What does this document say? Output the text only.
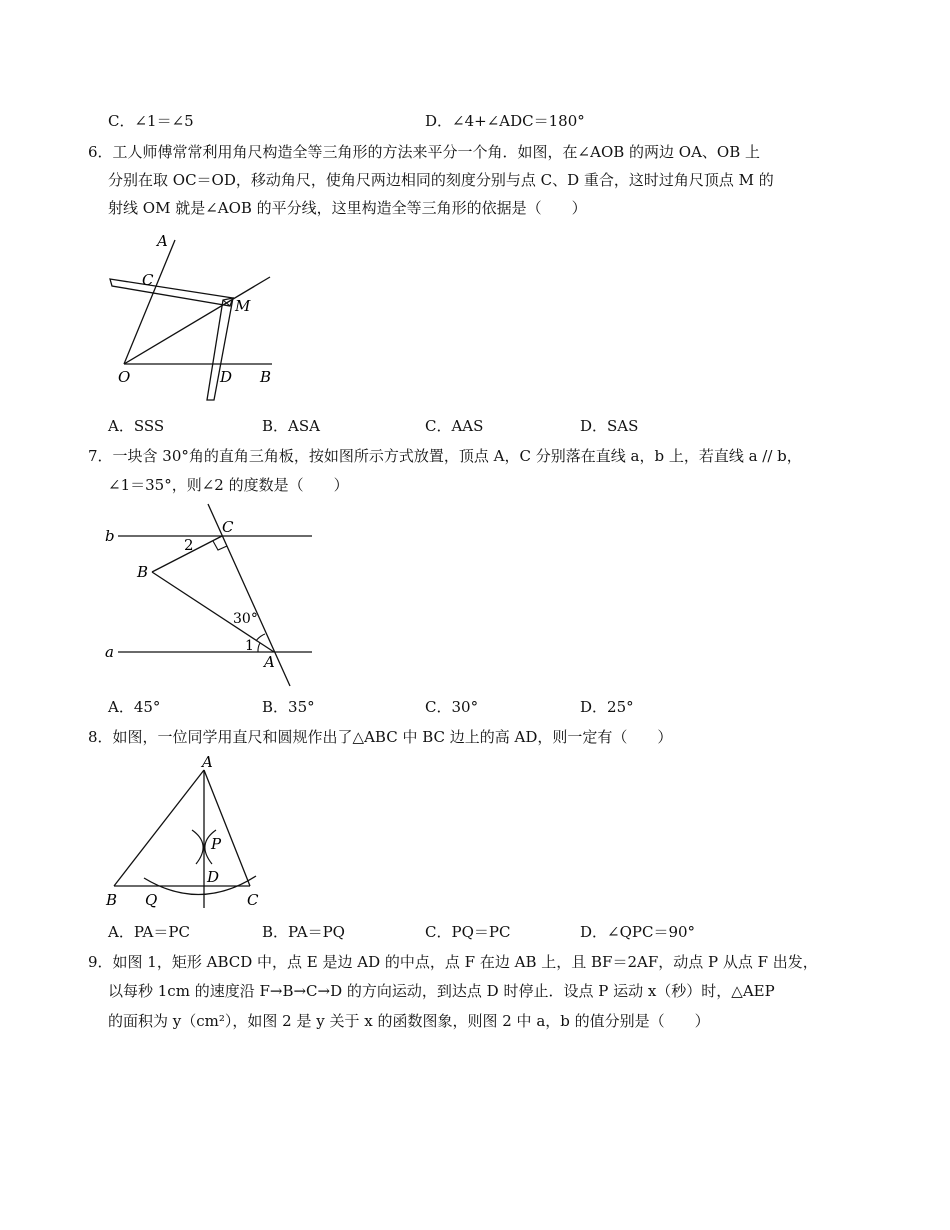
C．∠1＝∠5	D．∠4+∠ADC＝180°
6．工人师傅常常利用角尺构造全等三角形的方法来平分一个角．如图，在∠AOB 的两边 OA、OB 上
分别在取 OC＝OD，移动角尺，使角尺两边相同的刻度分别与点 C、D 重合，这时过角尺顶点 M 的
射线 OM 就是∠AOB 的平分线，这里构造全等三角形的依据是（　　）
A
C
M
O	D B
A．SSS	B．ASA	C．AAS	D．SAS
7．一块含 30°角的直角三角板，按如图所示方式放置，顶点 A，C 分别落在直线 a，b 上，若直线 a // b，
∠1＝35°，则∠2 的度数是（　　）
b	C
2
B
30°
1
a
A
A．45°	B．35°	C．30°	D．25°
8．如图，一位同学用直尺和圆规作出了△ABC 中 BC 边上的高 AD，则一定有（　　）
A
P
D
B Q	C
A．PA＝PC	B．PA＝PQ	C．PQ＝PC	D．∠QPC＝90°
9．如图 1，矩形 ABCD 中，点 E 是边 AD 的中点，点 F 在边 AB 上，且 BF＝2AF，动点 P 从点 F 出发，
以每秒 1cm 的速度沿 F→B→C→D 的方向运动，到达点 D 时停止．设点 P 运动 x（秒）时，△AEP
的面积为 y（cm²），如图 2 是 y 关于 x 的函数图象，则图 2 中 a，b 的值分别是（　　）
